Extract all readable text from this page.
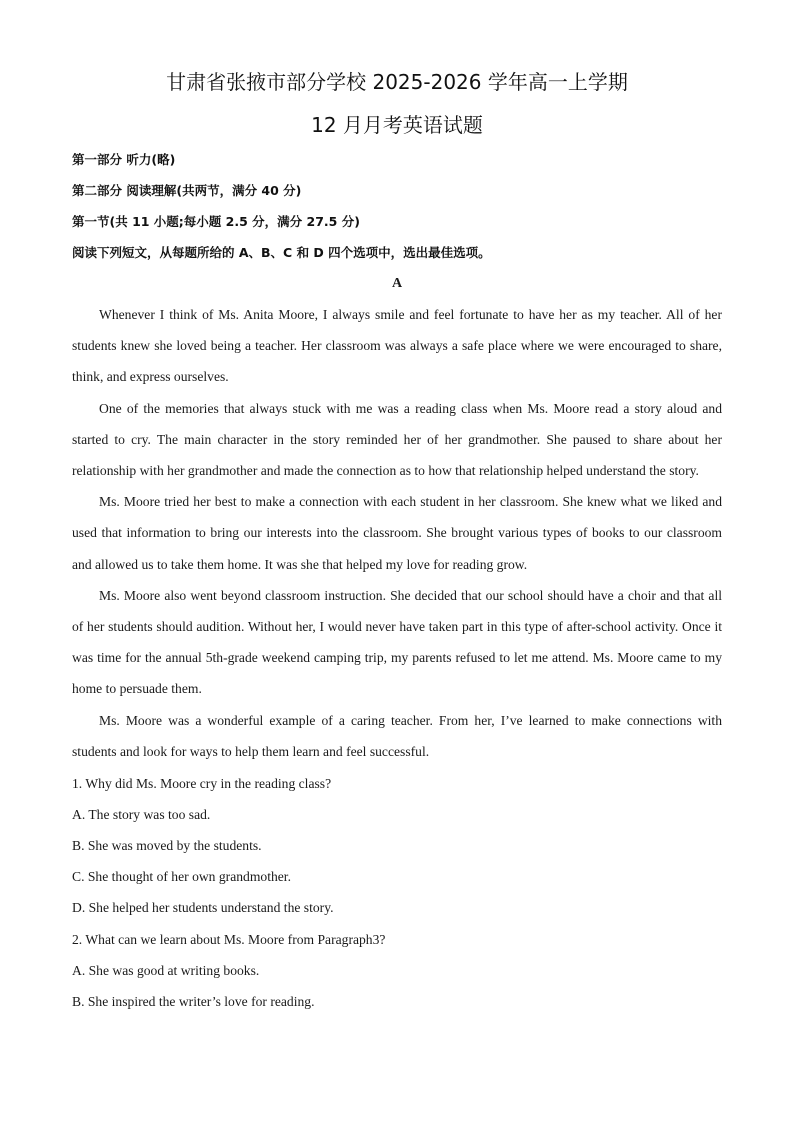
甘肃省张掖市部分学校 2025-2026 学年高一上学期
12 月月考英语试题
第一部分 听力(略)
第二部分 阅读理解(共两节，满分 40 分)
第一节(共 11 小题;每小题 2.5 分，满分 27.5 分)
阅读下列短文，从每题所给的 A、B、C 和 D 四个选项中，选出最佳选项。
A

Whenever I think of Ms. Anita Moore, I always smile and feel fortunate to have her as my teacher. All of her students knew she loved being a teacher. Her classroom was always a safe place where we were encouraged to share, think, and express ourselves.

One of the memories that always stuck with me was a reading class when Ms. Moore read a story aloud and started to cry. The main character in the story reminded her of her grandmother. She paused to share about her relationship with her grandmother and made the connection as to how that relationship helped understand the story.

Ms. Moore tried her best to make a connection with each student in her classroom. She knew what we liked and used that information to bring our interests into the classroom. She brought various types of books to our classroom and allowed us to take them home. It was she that helped my love for reading grow.

Ms. Moore also went beyond classroom instruction. She decided that our school should have a choir and that all of her students should audition. Without her, I would never have taken part in this type of after-school activity. Once it was time for the annual 5th-grade weekend camping trip, my parents refused to let me attend. Ms. Moore came to my home to persuade them.

Ms. Moore was a wonderful example of a caring teacher. From her, I’ve learned to make connections with students and look for ways to help them learn and feel successful.

1. Why did Ms. Moore cry in the reading class?
A. The story was too sad.
B. She was moved by the students.
C. She thought of her own grandmother.
D. She helped her students understand the story.
2. What can we learn about Ms. Moore from Paragraph3?
A. She was good at writing books.
B. She inspired the writer’s love for reading.
